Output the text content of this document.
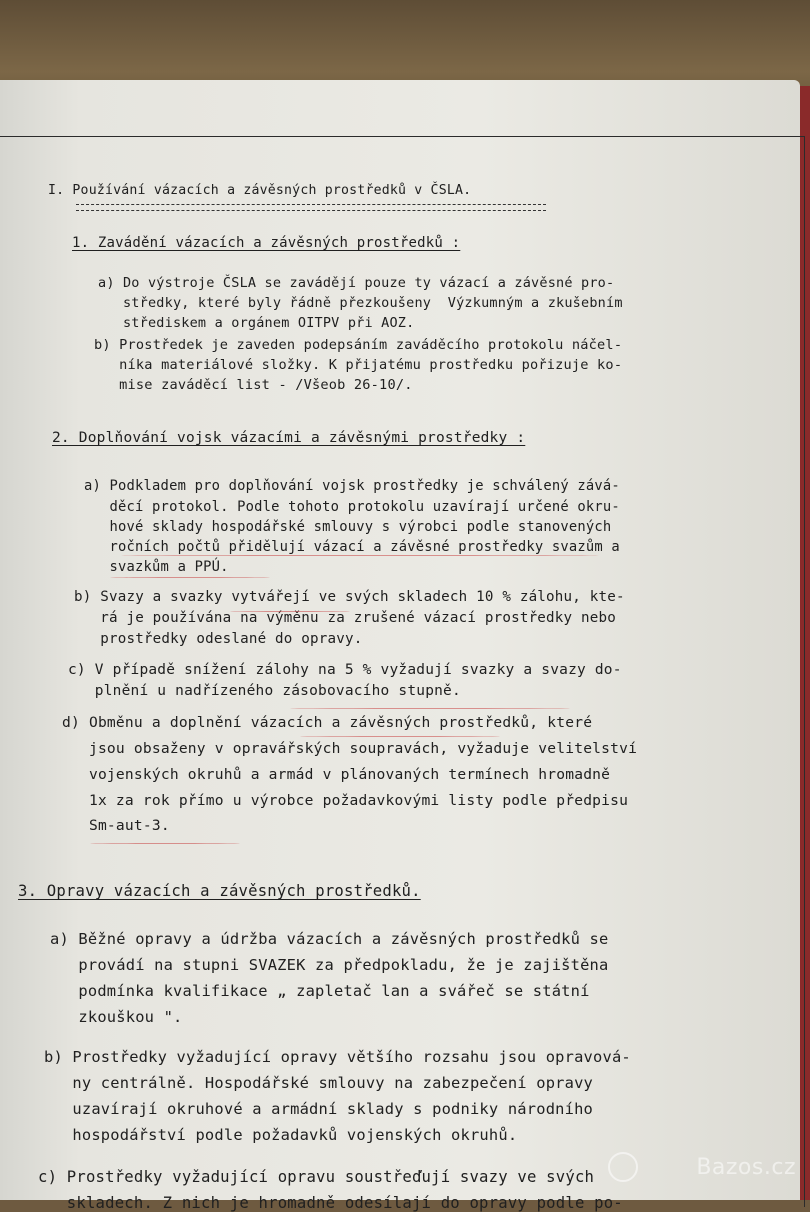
I. Používání vázacích a závěsných prostředků v ČSLA.
1. Zavádění vázacích a závěsných prostředků :
a) Do výstroje ČSLA se zavádějí pouze ty vázací a závěsné pro-
středky, které byly řádně přezkoušeny  Výzkumným a zkušebním
střediskem a orgánem OITPV při AOZ.
b) Prostředek je zaveden podepsáním zaváděcího protokolu náčel-
níka materiálové složky. K přijatému prostředku pořizuje ko-
mise zaváděcí list - /Všeob 26-10/.
2. Doplňování vojsk vázacími a závěsnými prostředky :
a) Podkladem pro doplňování vojsk prostředky je schválený zává-
děcí protokol. Podle tohoto protokolu uzavírají určené okru-
hové sklady hospodářské smlouvy s výrobci podle stanovených
ročních počtů přidělují vázací a závěsné prostředky svazům a
svazkům a PPÚ.
b) Svazy a svazky vytvářejí ve svých skladech 10 % zálohu, kte-
rá je používána na výměnu za zrušené vázací prostředky nebo
prostředky odeslané do opravy.
c) V případě snížení zálohy na 5 % vyžadují svazky a svazy do-
plnění u nadřízeného zásobovacího stupně.
d) Obměnu a doplnění vázacích a závěsných prostředků, které
jsou obsaženy v opravářských soupravách, vyžaduje velitelství
vojenských okruhů a armád v plánovaných termínech hromadně
1x za rok přímo u výrobce požadavkovými listy podle předpisu
Sm-aut-3.
3. Opravy vázacích a závěsných prostředků.
a) Běžné opravy a údržba vázacích a závěsných prostředků se
provádí na stupni SVAZEK za předpokladu, že je zajištěna
podmínka kvalifikace „ zapletač lan a svářeč se státní
zkouškou ".
b) Prostředky vyžadující opravy většího rozsahu jsou opravová-
ny centrálně. Hospodářské smlouvy na zabezpečení opravy
uzavírají okruhové a armádní sklady s podniky národního
hospodářství podle požadavků vojenských okruhů.
c) Prostředky vyžadující opravu soustřeďují svazy ve svých
skladech. Z nich je hromadně odesílají do opravy podle po-
Bazos.cz
